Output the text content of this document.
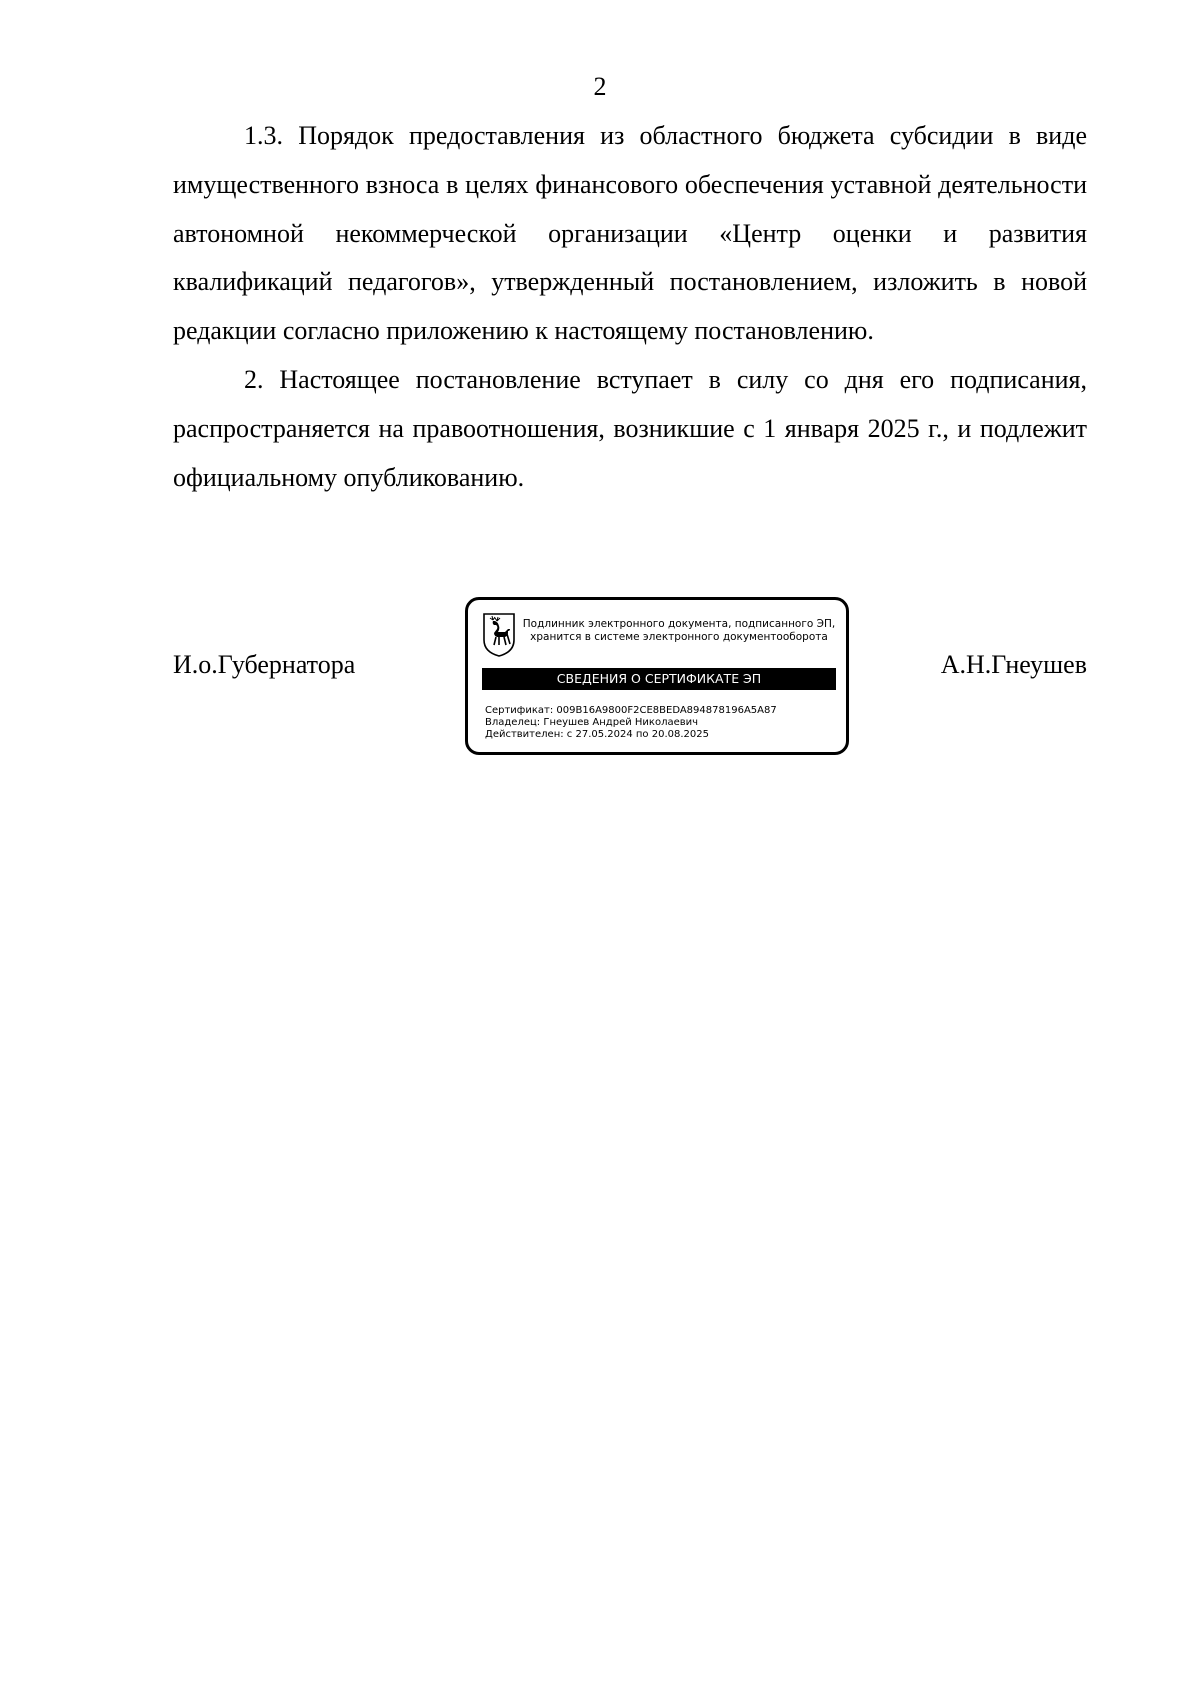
2

1.3. Порядок предоставления из областного бюджета субсидии в виде имущественного взноса в целях финансового обеспечения уставной деятельности автономной некоммерческой организации «Центр оценки и развития квалификаций педагогов», утвержденный постановлением, изложить в новой редакции согласно приложению к настоящему постановлению.

2. Настоящее постановление вступает в силу со дня его подписания, распространяется на правоотношения, возникшие с 1 января 2025 г., и подлежит официальному опубликованию.

И.о.Губернатора
Подлинник электронного документа, подписанного ЭП,
хранится в системе электронного документооборота
СВЕДЕНИЯ О СЕРТИФИКАТЕ ЭП
Сертификат: 009B16A9800F2CE8BEDA894878196A5A87
Владелец: Гнеушев Андрей Николаевич
Действителен: с 27.05.2024 по 20.08.2025
А.Н.Гнеушев
